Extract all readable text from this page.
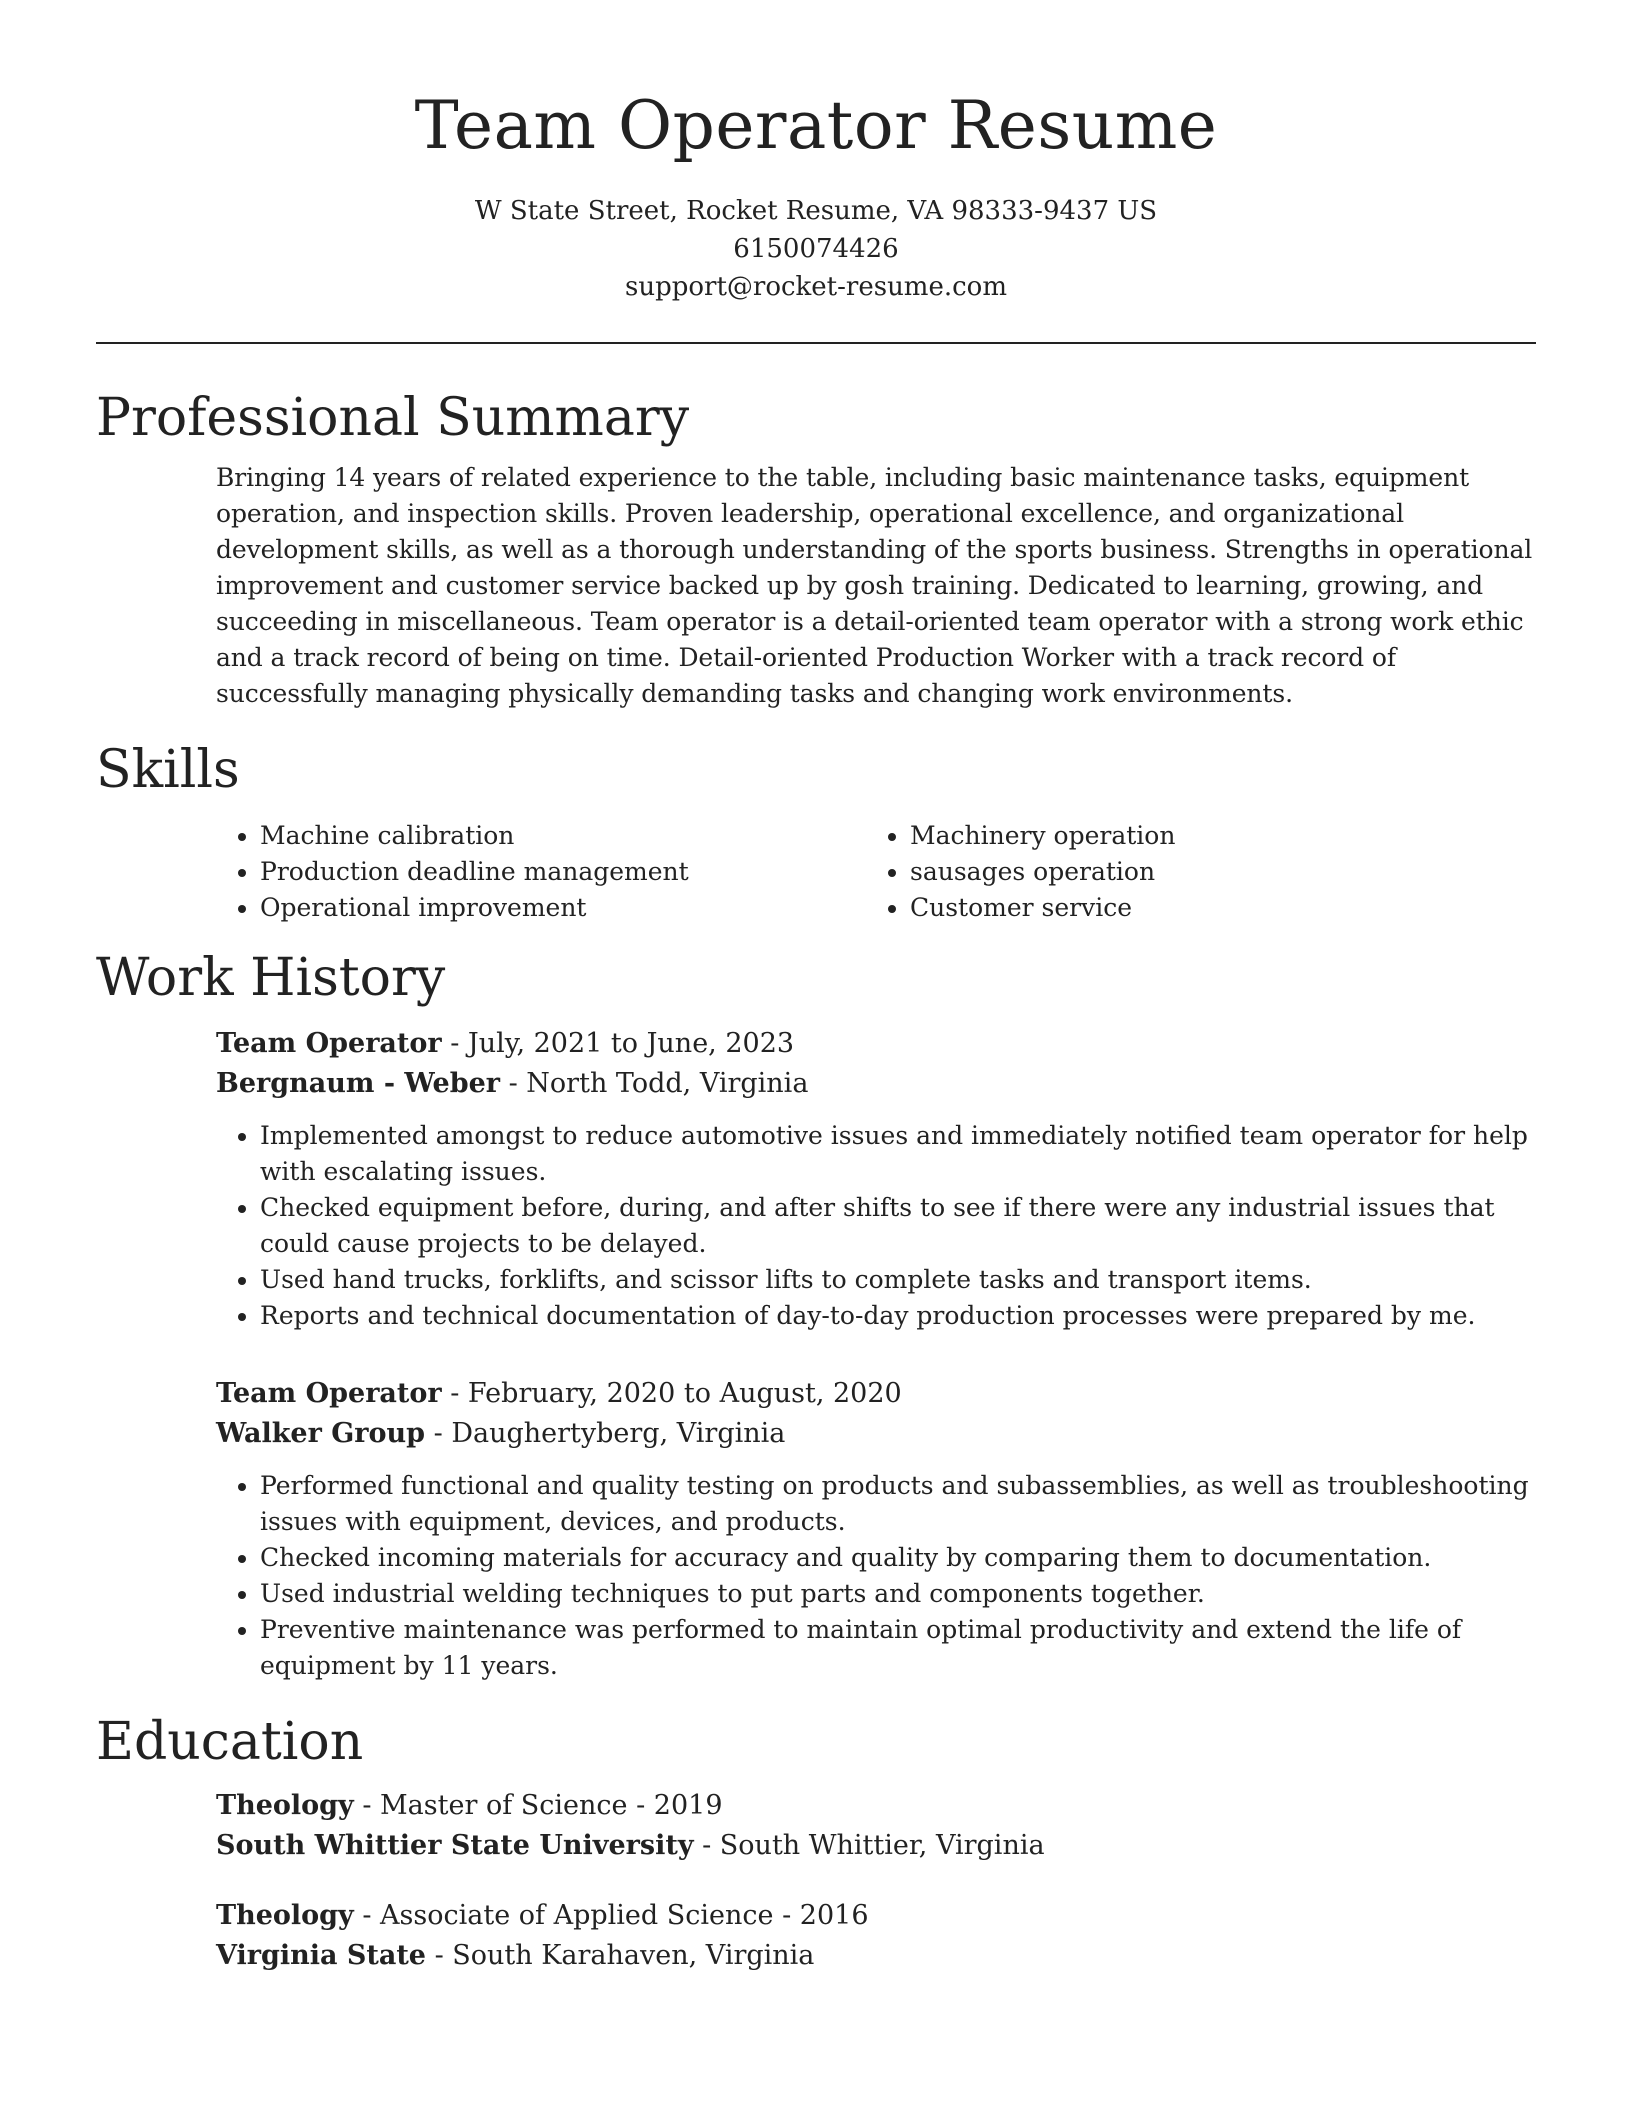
Team Operator Resume

W State Street, Rocket Resume, VA 98333-9437 US

6150074426

support@rocket-resume.com

Professional Summary

Bringing 14 years of related experience to the table, including basic maintenance tasks, equipment operation, and inspection skills. Proven leadership, operational excellence, and organizational development skills, as well as a thorough understanding of the sports business. Strengths in operational improvement and customer service backed up by gosh training. Dedicated to learning, growing, and succeeding in miscellaneous. Team operator is a detail-oriented team operator with a strong work ethic and a track record of being on time. Detail-oriented Production Worker with a track record of successfully managing physically demanding tasks and changing work environments.

Skills
• Machine calibration
• Production deadline management
• Operational improvement
• Machinery operation
• sausages operation
• Customer service
Work History

Team Operator - July, 2021 to June, 2023

Bergnaum - Weber - North Todd, Virginia

• Implemented amongst to reduce automotive issues and immediately notified team operator for help with escalating issues.
• Checked equipment before, during, and after shifts to see if there were any industrial issues that could cause projects to be delayed.
• Used hand trucks, forklifts, and scissor lifts to complete tasks and transport items.
• Reports and technical documentation of day-to-day production processes were prepared by me.

Team Operator - February, 2020 to August, 2020

Walker Group - Daughertyberg, Virginia

• Performed functional and quality testing on products and subassemblies, as well as troubleshooting issues with equipment, devices, and products.
• Checked incoming materials for accuracy and quality by comparing them to documentation.
• Used industrial welding techniques to put parts and components together.
• Preventive maintenance was performed to maintain optimal productivity and extend the life of equipment by 11 years.
Education

Theology - Master of Science - 2019

South Whittier State University - South Whittier, Virginia

Theology - Associate of Applied Science - 2016

Virginia State - South Karahaven, Virginia
